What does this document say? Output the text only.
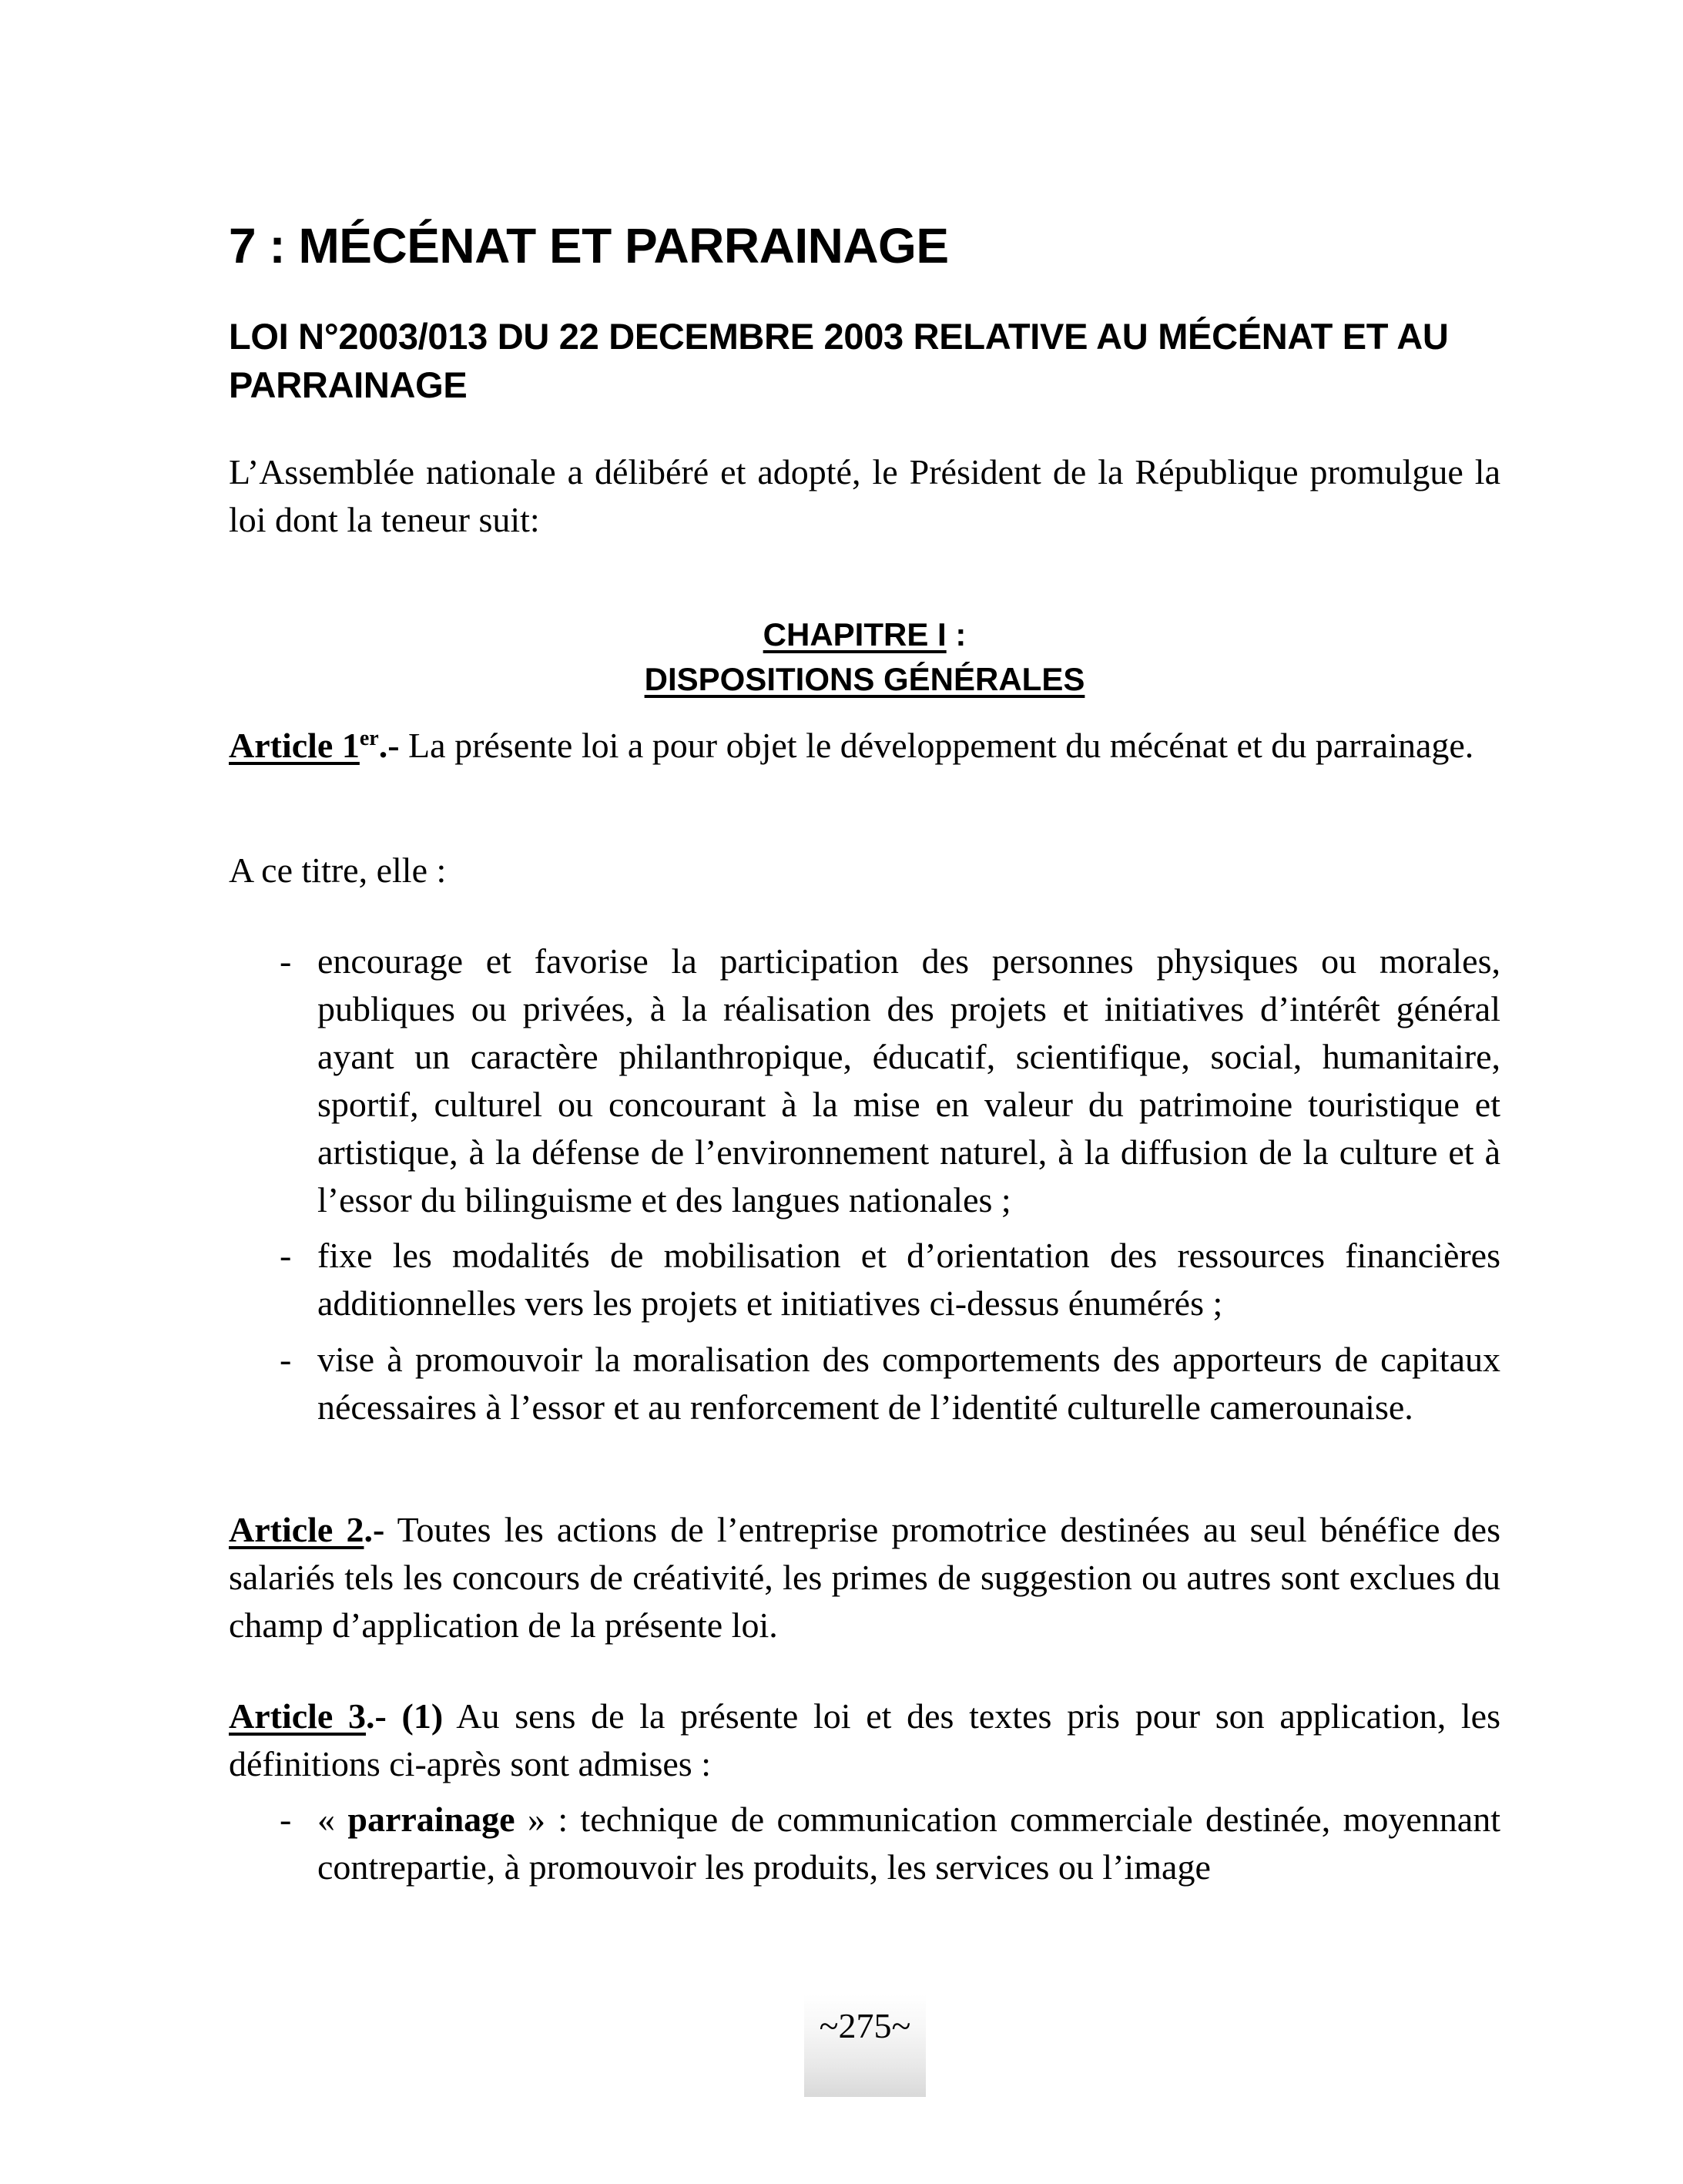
7 : MÉCÉNAT ET PARRAINAGE
LOI N°2003/013 DU 22 DECEMBRE 2003 RELATIVE AU MÉCÉNAT ET AU PARRAINAGE
L’Assemblée nationale a délibéré et adopté, le Président de la République promulgue la loi dont la teneur suit:
CHAPITRE I :
DISPOSITIONS GÉNÉRALES
Article 1er.- La présente loi a pour objet le développement du mécénat et du parrainage.
A ce titre, elle :
- encourage et favorise la participation des personnes physiques ou morales, publiques ou privées, à la réalisation des projets et initiatives d’intérêt général ayant un caractère philanthropique, éducatif, scientifique, social, humanitaire, sportif, culturel ou concourant à la mise en valeur du patrimoine touristique et artistique, à la défense de l’environnement naturel, à la diffusion de la culture et à l’essor du bilinguisme et des langues nationales ;
- fixe les modalités de mobilisation et d’orientation des ressources financières additionnelles vers les projets et initiatives ci-dessus énumérés ;
- vise à promouvoir la moralisation des comportements des apporteurs de capitaux nécessaires à l’essor et au renforcement de l’identité culturelle camerounaise.
Article 2.- Toutes les actions de l’entreprise promotrice destinées au seul bénéfice des salariés tels les concours de créativité, les primes de suggestion ou autres sont exclues du champ d’application de la présente loi.
Article 3.- (1) Au sens de la présente loi et des textes pris pour son application, les définitions ci-après sont admises :
- « parrainage » : technique de communication commerciale destinée, moyennant contrepartie, à promouvoir les produits, les services ou l’image
~275~
